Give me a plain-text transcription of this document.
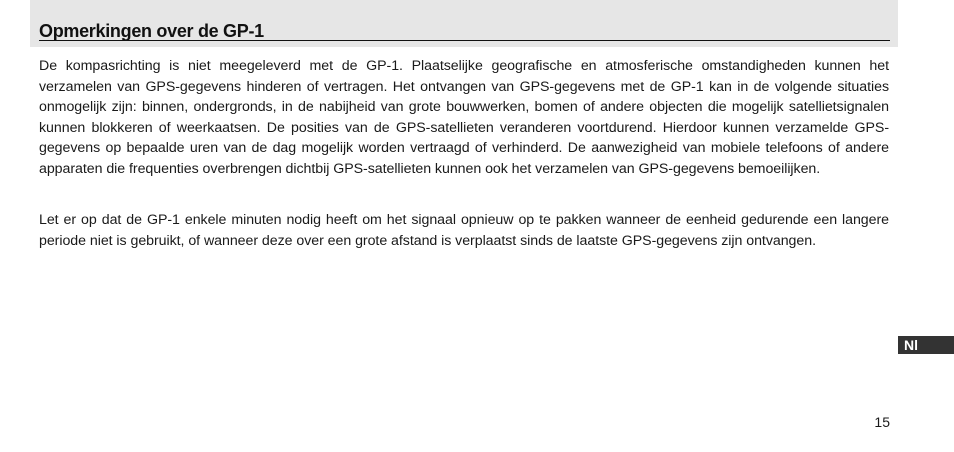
Opmerkingen over de GP-1

De kompasrichting is niet meegeleverd met de GP-1. Plaatselijke geografische en atmosferische omstandigheden kunnen het verzamelen van GPS-gegevens hinderen of vertragen. Het ontvangen van GPS-gegevens met de GP-1 kan in de volgende situaties onmogelijk zijn: binnen, ondergronds, in de nabijheid van grote bouwwerken, bomen of andere objecten die mogelijk satellietsignalen kunnen blokkeren of weerkaatsen. De posities van de GPS-satellieten veranderen voortdurend. Hierdoor kunnen verzamelde GPS-gegevens op bepaalde uren van de dag mogelijk worden vertraagd of verhinderd. De aanwezigheid van mobiele telefoons of andere apparaten die frequenties overbrengen dichtbij GPS-satellieten kunnen ook het verzamelen van GPS-gegevens bemoeilijken.

Let er op dat de GP-1 enkele minuten nodig heeft om het signaal opnieuw op te pakken wanneer de eenheid gedurende een langere periode niet is gebruikt, of wanneer deze over een grote afstand is verplaatst sinds de laatste GPS-gegevens zijn ontvangen.

Nl
15
